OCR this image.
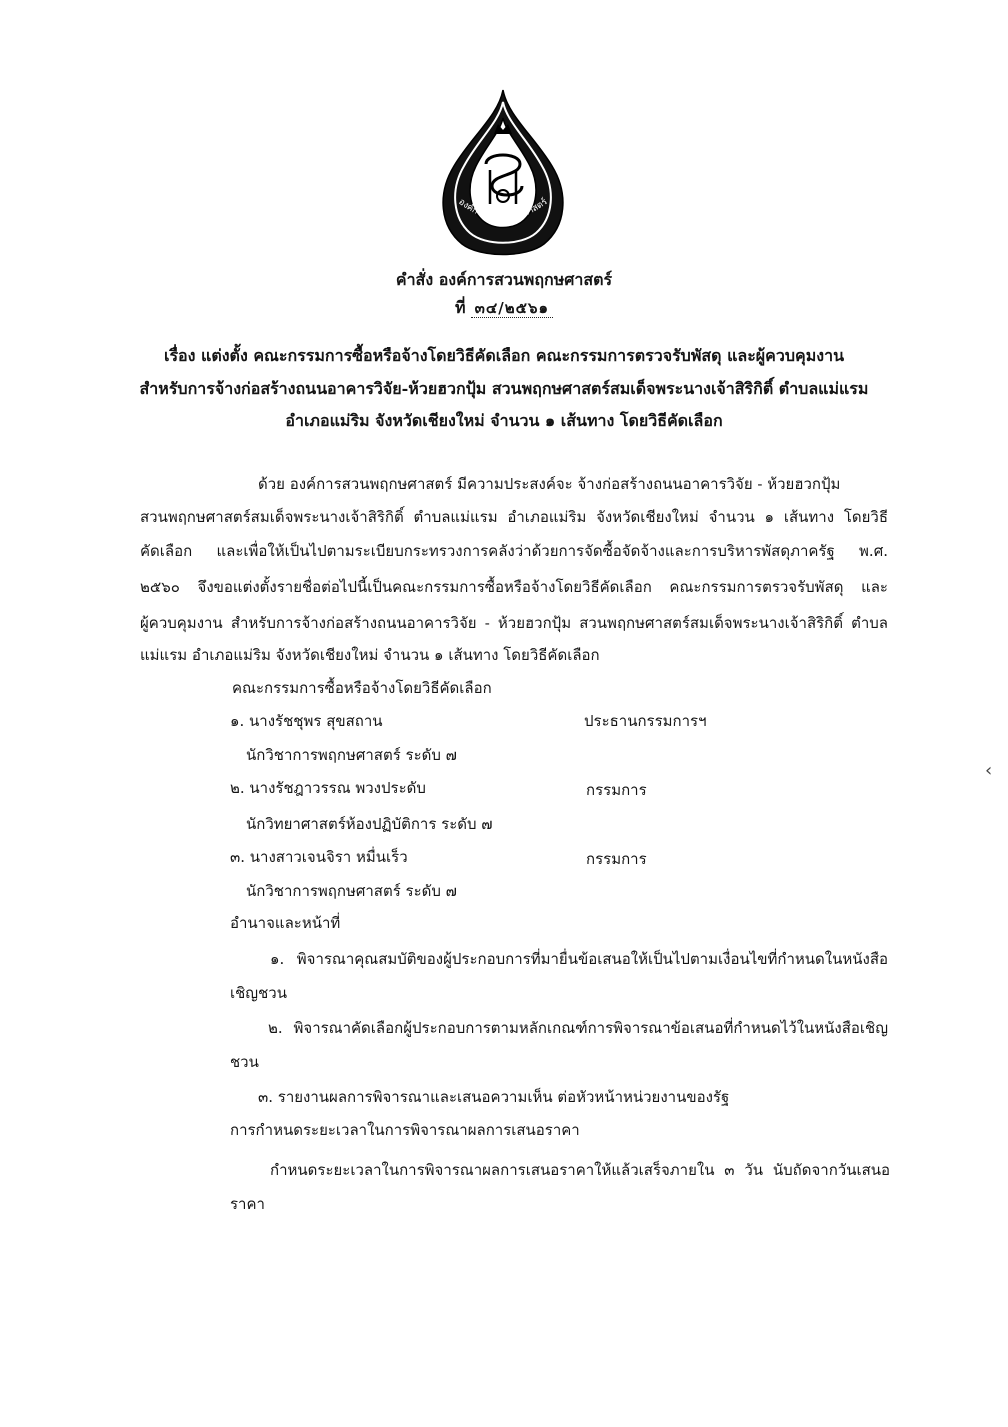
องค์การสวนพฤกษศาสตร์
คำสั่ง องค์การสวนพฤกษศาสตร์
ที่ ๓๔/๒๕๖๑
เรื่อง แต่งตั้ง คณะกรรมการซื้อหรือจ้างโดยวิธีคัดเลือก คณะกรรมการตรวจรับพัสดุ และผู้ควบคุมงาน
สำหรับการจ้างก่อสร้างถนนอาคารวิจัย-ห้วยฮวกปุ้ม สวนพฤกษศาสตร์สมเด็จพระนางเจ้าสิริกิติ์ ตำบลแม่แรม
อำเภอแม่ริม จังหวัดเชียงใหม่ จำนวน ๑ เส้นทาง โดยวิธีคัดเลือก
ด้วย องค์การสวนพฤกษศาสตร์ มีความประสงค์จะ จ้างก่อสร้างถนนอาคารวิจัย - ห้วยฮวกปุ้ม
สวนพฤกษศาสตร์สมเด็จพระนางเจ้าสิริกิติ์ ตำบลแม่แรม อำเภอแม่ริม จังหวัดเชียงใหม่ จำนวน ๑ เส้นทาง โดยวิธี
คัดเลือก และเพื่อให้เป็นไปตามระเบียบกระทรวงการคลังว่าด้วยการจัดซื้อจัดจ้างและการบริหารพัสดุภาครัฐ พ.ศ.
๒๕๖๐ จึงขอแต่งตั้งรายชื่อต่อไปนี้เป็นคณะกรรมการซื้อหรือจ้างโดยวิธีคัดเลือก คณะกรรมการตรวจรับพัสดุ และ
ผู้ควบคุมงาน สำหรับการจ้างก่อสร้างถนนอาคารวิจัย - ห้วยฮวกปุ้ม สวนพฤกษศาสตร์สมเด็จพระนางเจ้าสิริกิติ์ ตำบล
แม่แรม อำเภอแม่ริม จังหวัดเชียงใหม่ จำนวน ๑ เส้นทาง โดยวิธีคัดเลือก
คณะกรรมการซื้อหรือจ้างโดยวิธีคัดเลือก
๑. นางรัชชุพร สุขสถาน	ประธานกรรมการฯ
นักวิชาการพฤกษศาสตร์ ระดับ ๗
๒. นางรัชฎาวรรณ พวงประดับ	กรรมการ
นักวิทยาศาสตร์ห้องปฏิบัติการ ระดับ ๗
๓. นางสาวเจนจิรา หมื่นเร็ว	กรรมการ
นักวิชาการพฤกษศาสตร์ ระดับ ๗
อำนาจและหน้าที่
๑. พิจารณาคุณสมบัติของผู้ประกอบการที่มายื่นข้อเสนอให้เป็นไปตามเงื่อนไขที่กำหนดในหนังสือ
เชิญชวน
๒. พิจารณาคัดเลือกผู้ประกอบการตามหลักเกณฑ์การพิจารณาข้อเสนอที่กำหนดไว้ในหนังสือเชิญ
ชวน
๓. รายงานผลการพิจารณาและเสนอความเห็น ต่อหัวหน้าหน่วยงานของรัฐ
การกำหนดระยะเวลาในการพิจารณาผลการเสนอราคา
กำหนดระยะเวลาในการพิจารณาผลการเสนอราคาให้แล้วเสร็จภายใน ๓ วัน นับถัดจากวันเสนอ
ราคา
‹
